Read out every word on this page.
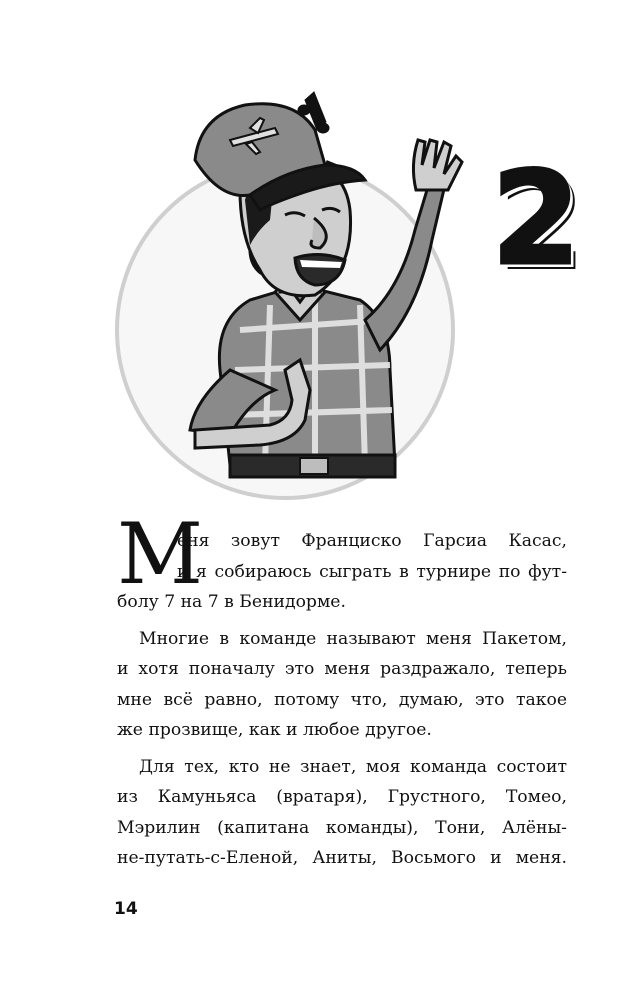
2
М
еня зовут Франциско Гарсиа Касас,
и я собираюсь сыграть в турнире по фут-
болу 7 на 7 в Бенидорме.
Многие в команде называют меня Пакетом,
и хотя поначалу это меня раздражало, теперь
мне всё равно, потому что, думаю, это такое
же прозвище, как и любое другое.
Для тех, кто не знает, моя команда состоит
из Камуньяса (вратаря), Грустного, Томео,
Мэрилин (капитана команды), Тони, Алёны-
не-путать-с-Еленой, Аниты, Восьмого и меня.
14
